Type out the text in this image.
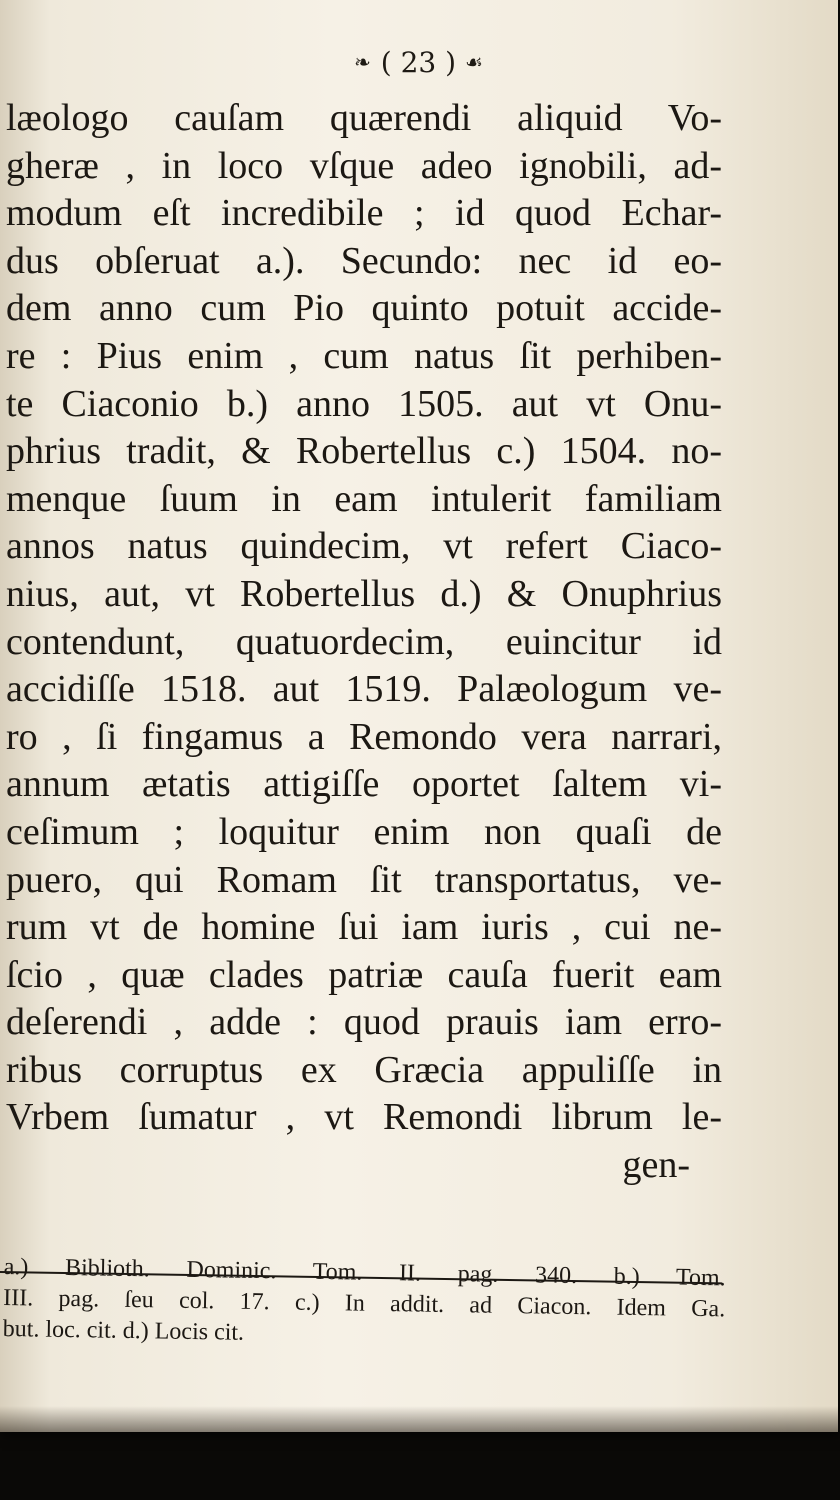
❧ ( 23 ) ☙
læologo cauſam quærendi aliquid Vo-
gheræ , in loco vſque adeo ignobili, ad-
modum eſt incredibile ; id quod Echar-
dus obſeruat a.). Secundo: nec id eo-
dem anno cum Pio quinto potuit accide-
re : Pius enim , cum natus ſit perhiben-
te Ciaconio b.) anno 1505. aut vt Onu-
phrius tradit, & Robertellus c.) 1504. no-
menque ſuum in eam intulerit familiam
annos natus quindecim, vt refert Ciaco-
nius, aut, vt Robertellus d.) & Onuphrius
contendunt, quatuordecim, euincitur id
accidiſſe 1518. aut 1519. Palæologum ve-
ro , ſi fingamus a Remondo vera narrari,
annum ætatis attigiſſe oportet ſaltem vi-
ceſimum ; loquitur enim non quaſi de
puero, qui Romam ſit transportatus, ve-
rum vt de homine ſui iam iuris , cui ne-
ſcio , quæ clades patriæ cauſa fuerit eam
deſerendi , adde : quod prauis iam erro-
ribus corruptus ex Græcia appuliſſe in
Vrbem ſumatur , vt Remondi librum le-
gen-
a.) Biblioth. Dominic. Tom. II. pag. 340. b.) Tom.
III. pag. ſeu col. 17. c.) In addit. ad Ciacon. Idem Ga.
but. loc. cit. d.) Locis cit.
